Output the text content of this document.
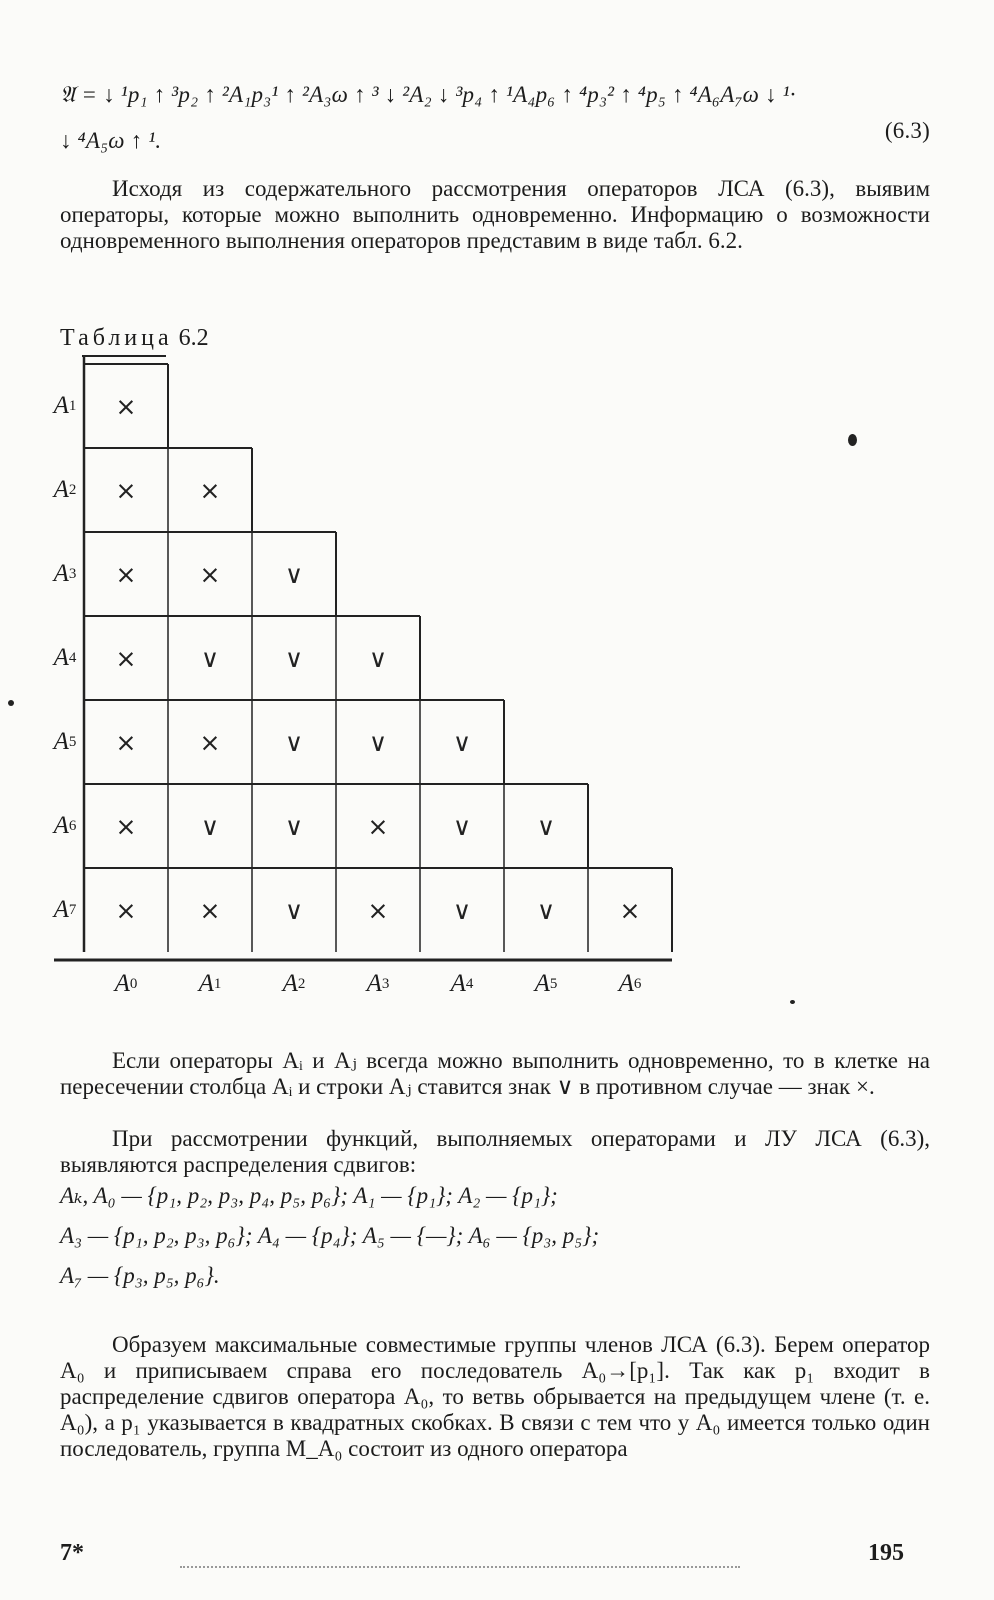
𝔄 = ↓ ¹p₁ ↑ ³p₂ ↑ ²A₁p₃¹ ↑ ²A₃ω ↑ ³ ↓ ²A₂ ↓ ³p₄ ↑ ¹A₄p₆ ↑ ⁴p₃² ↑ ⁴p₅ ↑ ⁴A₆A₇ω ↓ ¹·
↓ ⁴A₅ω ↑ ¹.	(6.3)
Исходя из содержательного рассмотрения операторов ЛСА (6.3), выявим операторы, которые можно выполнить одновременно. Информацию о возможности одновременного выполнения операторов представим в виде табл. 6.2.
Таблица 6.2
A 1	×
A 2	×	×
A 3	×	×	∨
A 4	×	∨	∨	∨
A 5	×	×	∨	∨	∨
A 6	×	∨	∨	×	∨	∨
A 7	×	×	∨	×	∨	∨	×
A 0	A 1	A 2	A 3	A 4	A 5	A 6
Если операторы Aᵢ и Aⱼ всегда можно выполнить одновременно, то в клетке на пересечении столбца Aᵢ и строки Aⱼ ставится знак ∨ в противном случае — знак ×.
При рассмотрении функций, выполняемых операторами и ЛУ ЛСА (6.3), выявляются распределения сдвигов:
Aₖ, A₀ — {p₁, p₂, p₃, p₄, p₅, p₆}; A₁ — {p₁}; A₂ — {p₁};
A₃ — {p₁, p₂, p₃, p₆}; A₄ — {p₄}; A₅ — {—}; A₆ — {p₃, p₅};
A₇ — {p₃, p₅, p₆}.
Образуем максимальные совместимые группы членов ЛСА (6.3). Берем оператор A₀ и приписываем справа его последователь A₀→[p₁]. Так как p₁ входит в распределение сдвигов оператора A₀, то ветвь обрывается на предыдущем члене (т. е. A₀), а p₁ указывается в квадратных скобках. В связи с тем что у A₀ имеется только один последователь, группа M_A₀ состоит из одного оператора
7*	195
